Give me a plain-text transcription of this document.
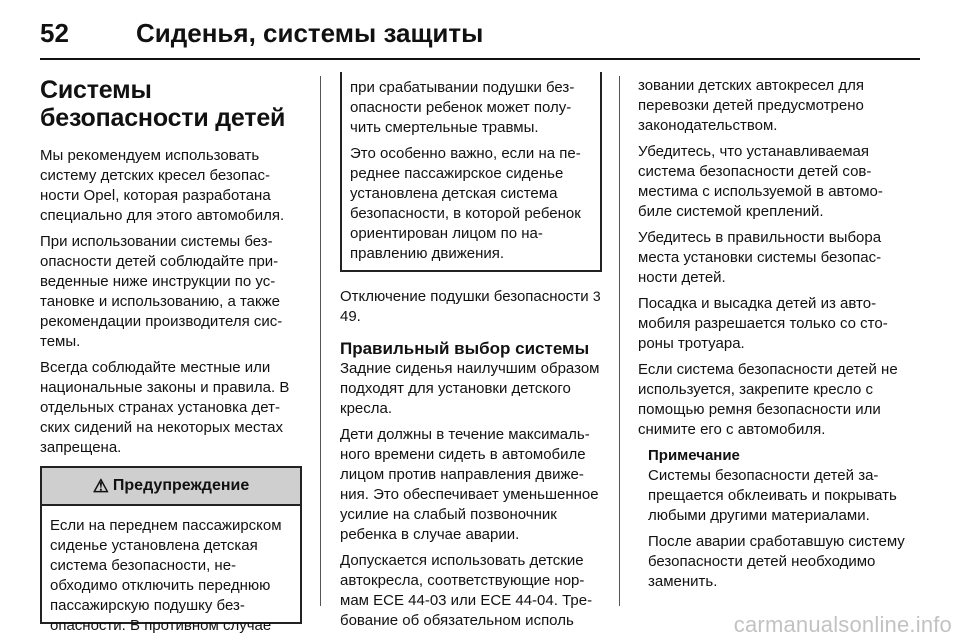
52	Сиденья, системы защиты
Системы
безопасности детей

Мы рекомендуем использовать систему детских кресел безопасности Opel, которая разработана специально для этого автомобиля.

При использовании системы безопасности детей соблюдайте приведенные ниже инструкции по установке и использованию, а также рекомендации производителя системы.

Всегда соблюдайте местные или национальные законы и правила. В отдельных странах установка детских сидений на некоторых местах запрещена.

⚠ Предупреждение

Если на переднем пассажирском сиденье установлена детская система безопасности, необходимо отключить переднюю пассажирскую подушку безопасности. В противном случае

при срабатывании подушки безопасности ребенок может получить смертельные травмы.

Это особенно важно, если на переднее пассажирское сиденье установлена детская система безопасности, в которой ребенок ориентирован лицом по направлению движения.

Отключение подушки безопасности 3 49.

Правильный выбор системы

Задние сиденья наилучшим образом подходят для установки детского кресла.

Дети должны в течение максимального времени сидеть в автомобиле лицом против направления движения. Это обеспечивает уменьшенное усилие на слабый позвоночник ребенка в случае аварии.

Допускается использовать детские автокресла, соответствующие нормам ECE 44-03 или ECE 44-04. Требование об обязательном исполь

зовании детских автокресел для перевозки детей предусмотрено законодательством.

Убедитесь, что устанавливаемая система безопасности детей совместима с используемой в автомобиле системой креплений.

Убедитесь в правильности выбора места установки системы безопасности детей.

Посадка и высадка детей из автомобиля разрешается только со стороны тротуара.

Если система безопасности детей не используется, закрепите кресло с помощью ремня безопасности или снимите его с автомобиля.

Примечание

Системы безопасности детей запрещается обклеивать и покрывать любыми другими материалами.

После аварии сработавшую систему безопасности детей необходимо заменить.

carmanualsonline.info
